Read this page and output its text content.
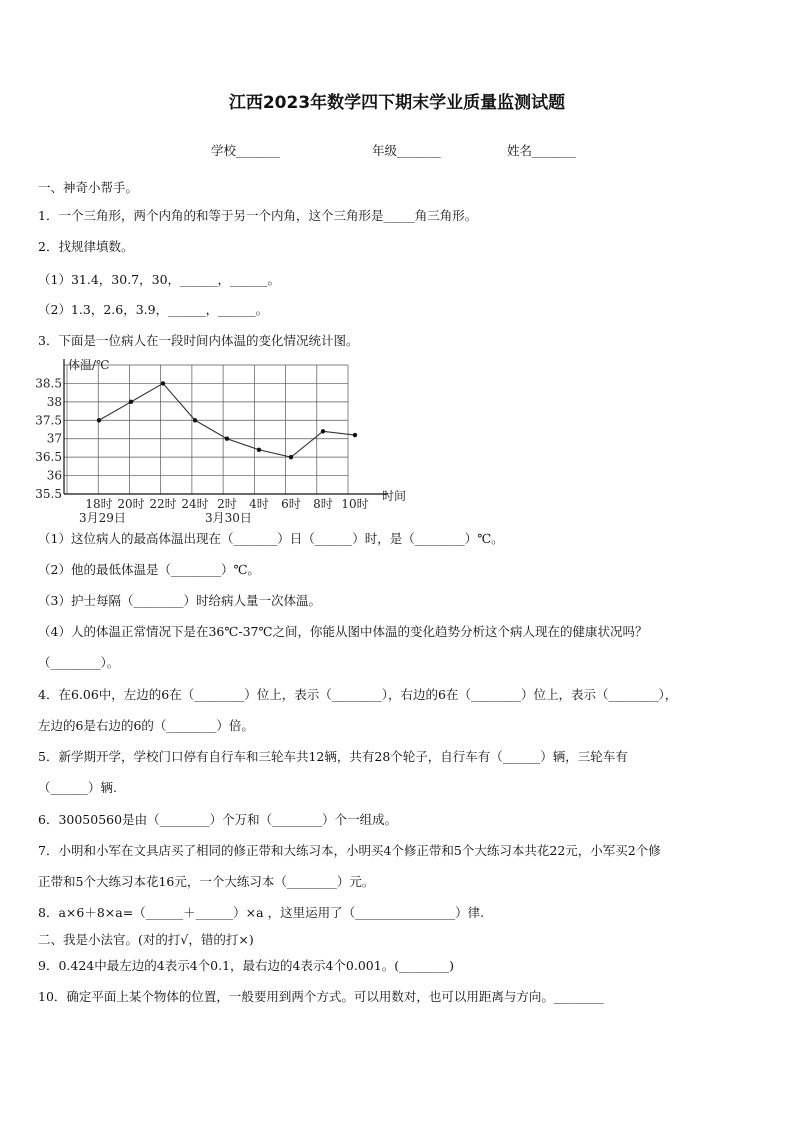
江西2023年数学四下期末学业质量监测试题
学校_______	年级_______	姓名_______
一、神奇小帮手。
1．一个三角形，两个内角的和等于另一个内角，这个三角形是_____角三角形。
2．找规律填数。
（1）31.4，30.7，30，______，______。
（2）1.3，2.6，3.9，______，______。
3．下面是一位病人在一段时间内体温的变化情况统计图。
体温/℃
35.5
36
36.5
37
37.5
38
38.5
18时 20时 22时 24时 2时 4时 6时 8时 10时
时间
3月29日	3月30日
（1）这位病人的最高体温出现在（_______）日（______）时，是（________）℃。
（2）他的最低体温是（________）℃。
（3）护士每隔（________）时给病人量一次体温。
（4）人的体温正常情况下是在36℃-37℃之间，你能从图中体温的变化趋势分析这个病人现在的健康状况吗？
（________）。
4．在6.06中，左边的6在（________）位上，表示（________），右边的6在（________）位上，表示（________），
左边的6是右边的6的（________）倍。
5．新学期开学，学校门口停有自行车和三轮车共12辆，共有28个轮子，自行车有（______）辆，三轮车有
（______）辆.
6．30050560是由（________）个万和（________）个一组成。
7．小明和小军在文具店买了相同的修正带和大练习本，小明买4个修正带和5个大练习本共花22元，小军买2个修
正带和5个大练习本花16元，一个大练习本（________）元。
8．a×6＋8×a=（______＋______）×a ，这里运用了（________________）律.
二、我是小法官。(对的打√，错的打×)
9．0.424中最左边的4表示4个0.1，最右边的4表示4个0.001。(________)
10．确定平面上某个物体的位置，一般要用到两个方式。可以用数对，也可以用距离与方向。________
